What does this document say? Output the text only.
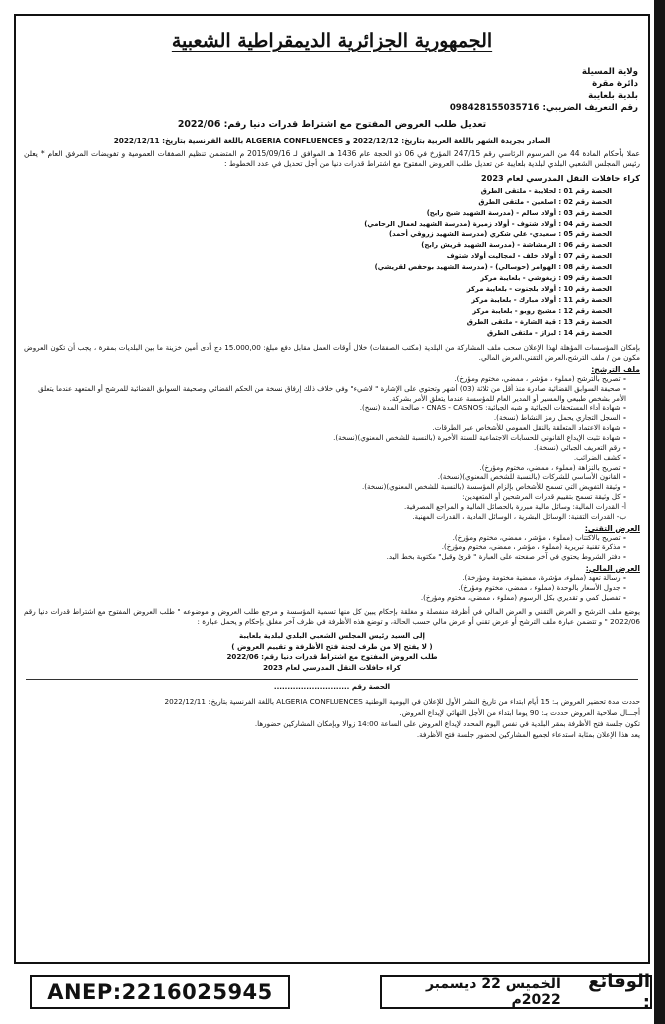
الجمهورية الجزائرية الديمقراطية الشعبية
ولاية المسيلة
دائرة مقرة
بلدية بلعايبة
رقم التعريف الضريبي: 098428155035716
تعديل طلب العروض المفتوح مع اشتراط قدرات دنيا رقم: 2022/06
الصادر بجريدة الشهر باللغة العربية بتاريخ: 2022/12/12 و ALGERIA CONFLUENCES باللغة الفرنسية بتاريخ: 2022/12/11
عملا بأحكام المادة 44 من المرسوم الرئاسي رقم 247/15 المؤرخ في 06 ذو الحجة عام 1436 هـ الموافق لـ 2015/09/16 م المتضمن تنظيم الصفقات العمومية و تفويضات المرفق العام * يعلن رئيس المجلس الشعبي البلدي لبلدية بلعايبة عن تعديل طلب العروض المفتوح مع اشتراط قدرات دنيا من أجل تحديل في عدد الخطوط :
كراء حافلات النقل المدرسي لعام 2023
الحصة رقم 01 : لحلايبة - ملتقى الطرق
الحصة رقم 02 : اصلعين - ملتقى الطرق
الحصة رقم 03 : أولاد سالم - (مدرسة الشهيد شيخ رابح)
الحصة رقم 04 : أولاد شتوف - أولاد زميرة (مدرسة الشهيد لعمال الرحامي)
الحصة رقم 05 : سعيدي- علي شكري (مدرسة الشهيد زروقي أحمد)
الحصة رقم 06 : الرمشاشة - (مدرسة الشهيد قريش رابح)
الحصة رقم 07 : أولاد خلف - لمجاليت أولاد شتوف
الحصة رقم 08 : الهوامر (حوسالي) - (مدرسة الشهيد بوحفص لقريشي)
الحصة رقم 09 : زيغوشي - بلعايبة مركز
الحصة رقم 10 : أولاد بلجنوت - بلعايبة مركز
الحصة رقم 11 : أولاد مبارك - بلعايبة مركز
الحصة رقم 12 : مشيخ روبو - بلعايبة مركز
الحصة رقم 13 : قية الشارة - ملتقى الطرق
الحصة رقم 14 : لبزاز - ملتقى الطرق
بإمكان المؤسسات المؤهلة لهذا الإعلان سحب ملف المشاركة من البلدية (مكتب الصفقات) خلال أوقات العمل مقابل دفع مبلغ: 15.000,00 دج أدى أمين خزينة ما بين البلديات بمقرة ، يجب أن تكون العروض مكون من / ملف الترشح،العرض التقني،العرض المالي.
ملف الترشح:
- تصريح بالترشح (مملوء ، مؤشر ، ممضي، مختوم ومؤرخ).
- صحيفة السوابق القضائية صادرة منذ أقل من ثلاثة (03) أشهر وتحتوي على الإشارة " لاشيء" وفي خلاف ذلك إرفاق نسخة من الحكم القضائي وصحيفة السوابق القضائية للمرشح أو المتعهد عندما يتعلق الأمر بشخص طبيعي والمسير أو المدير العام للمؤسسة عندما يتعلق الأمر بشركة.
- شهادة أداء المستحقات الجبائية و شبه الجبائية: CNAS - CASNOS - صالحة المدة (نسخ).
- السجل التجاري يحمل رمز النشاط (نسخة).
- شهادة الاعتماد المتعلقة بالنقل العمومي للأشخاص عبر الطرقات.
- شهادة تثبت الإيداع القانوني للحسابات الاجتماعية للسنة الأخيرة (بالنسبة للشخص المعنوي)(نسخة).
- رقم التعريف الجبائي (نسخة).
- كشف الضرائب.
- تصريح بالنزاهة (مملوء ، ممضي، مختوم ومؤرخ).
- القانون الأساسي للشركات (بالنسبة للشخص المعنوي)(نسخة).
- وثيقة التفويض التي تسمح للأشخاص بإلزام المؤسسة (بالنسبة للشخص المعنوي)(نسخة).
- كل وثيقة تسمح بتقييم قدرات المرشحين أو المتعهدين:
أ- القدرات المالية: وسائل مالية مبررة بالحصائل المالية و المراجع المصرفية.
ب- القدرات التقنية: الوسائل البشرية ، الوسائل المادية ، القدرات المهنية.
العرض التقني:
- تصريح بالاكتتاب (مملوء ، مؤشر ، ممضي، مختوم ومؤرخ).
- مذكرة تقنية تبريرية (مملوء ، مؤشر ، ممضي، مختوم ومؤرخ).
- دفتر الشروط يحتوي في آخر صفحته على العبارة " قرئ وقبل" مكتوبة بخط اليد.
العرض المالي:
- رسالة تعهد (مملوء، مؤشرة، ممضية مختومة ومؤرخة).
- جدول الأسعار بالوحدة (مملوء ، ممضي، مختوم ومؤرخ).
- تفصيل كمي و تقديري بكل الرسوم (مملوء ، ممضي، مختوم ومؤرخ).
يوضع ملف الترشح و العرض التقني و العرض المالي في أظرفة منفصلة و مغلقة بإحكام يبين كل منها تسمية المؤسسة و مرجع طلب العروض و موضوعه " طلب العروض المفتوح مع اشتراط قدرات دنيا رقم 2022/06 " و تتضمن عبارة ملف الترشح أو عرض تقني أو عرض مالي حسب الحالة، و توضع هذه الأظرفة في ظرف آخر مغلق بإحكام و يحمل عبارة :
إلى السيد رئيس المجلس الشعبي البلدي لبلدية بلعايبة
( لا يفتح إلا من طرف لجنة فتح الأظرفة و تقييم العروض )
طلب العروض المفتوح مع اشتراط قدرات دنيا رقم: 2022/06
كراء حافلات النقل المدرسي لعام 2023
الحصة رقم ............................
حددت مدة تحضير العروض بـ: 15 أيام ابتداء من تاريخ النشر الأول للإعلان في اليومية الوطنية ALGERIA CONFLUENCES باللغة الفرنسية بتاريخ: 2022/12/11
أجـــال صلاحية العروض حددت بـ: 90 يوما ابتداء من الأجل النهائي لإيداع العروض.
تكون جلسة فتح الأظرفة بمقر البلدية في نفس اليوم المحدد لإيداع العروض على الساعة 14:00 زوالا وبإمكان المشاركين حضورها.
يعد هذا الإعلان بمثابة استدعاء لجميع المشاركين لحضور جلسة فتح الأظرفة.
ANEP:2216025945	الوقائع :
الخميس 22 ديسمبر 2022م
